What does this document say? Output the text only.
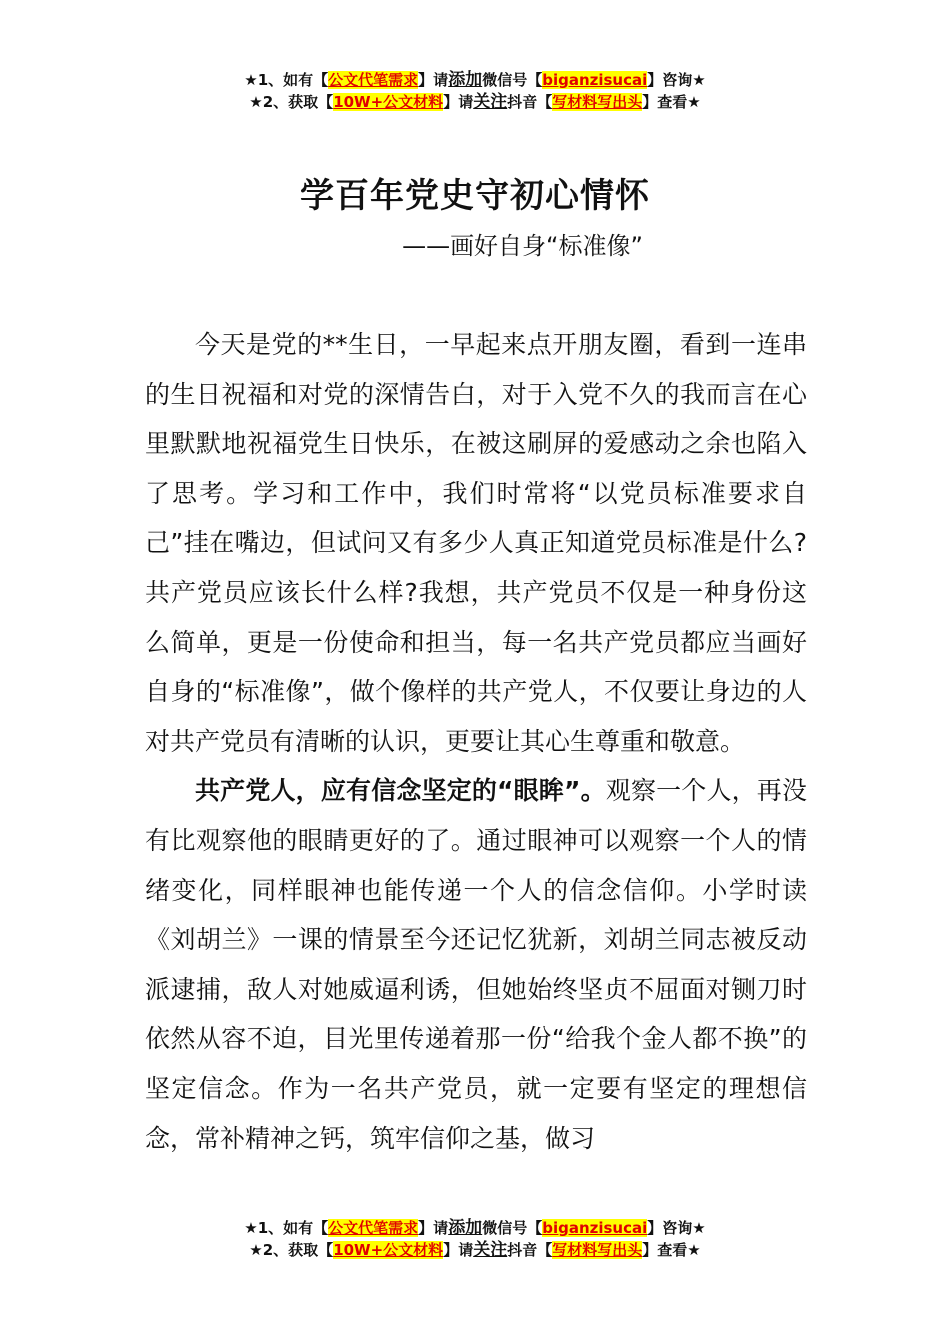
★1、如有【公文代笔需求】请添加微信号【biganzisucai】咨询★
★2、获取【10W+公文材料】请关注抖音【写材料写出头】查看★
学百年党史守初心情怀
——画好自身“标准像”

今天是党的**生日，一早起来点开朋友圈，看到一连串的生日祝福和对党的深情告白，对于入党不久的我而言在心里默默地祝福党生日快乐，在被这刷屏的爱感动之余也陷入了思考。学习和工作中，我们时常将“以党员标准要求自己”挂在嘴边，但试问又有多少人真正知道党员标准是什么?共产党员应该长什么样?我想，共产党员不仅是一种身份这么简单，更是一份使命和担当，每一名共产党员都应当画好自身的“标准像”，做个像样的共产党人，不仅要让身边的人对共产党员有清晰的认识，更要让其心生尊重和敬意。

共产党人，应有信念坚定的“眼眸”。观察一个人，再没有比观察他的眼睛更好的了。通过眼神可以观察一个人的情绪变化，同样眼神也能传递一个人的信念信仰。小学时读《刘胡兰》一课的情景至今还记忆犹新，刘胡兰同志被反动派逮捕，敌人对她威逼利诱，但她始终坚贞不屈面对铡刀时依然从容不迫，目光里传递着那一份“给我个金人都不换”的坚定信念。作为一名共产党员，就一定要有坚定的理想信念，常补精神之钙，筑牢信仰之基，做习

★1、如有【公文代笔需求】请添加微信号【biganzisucai】咨询★
★2、获取【10W+公文材料】请关注抖音【写材料写出头】查看★
